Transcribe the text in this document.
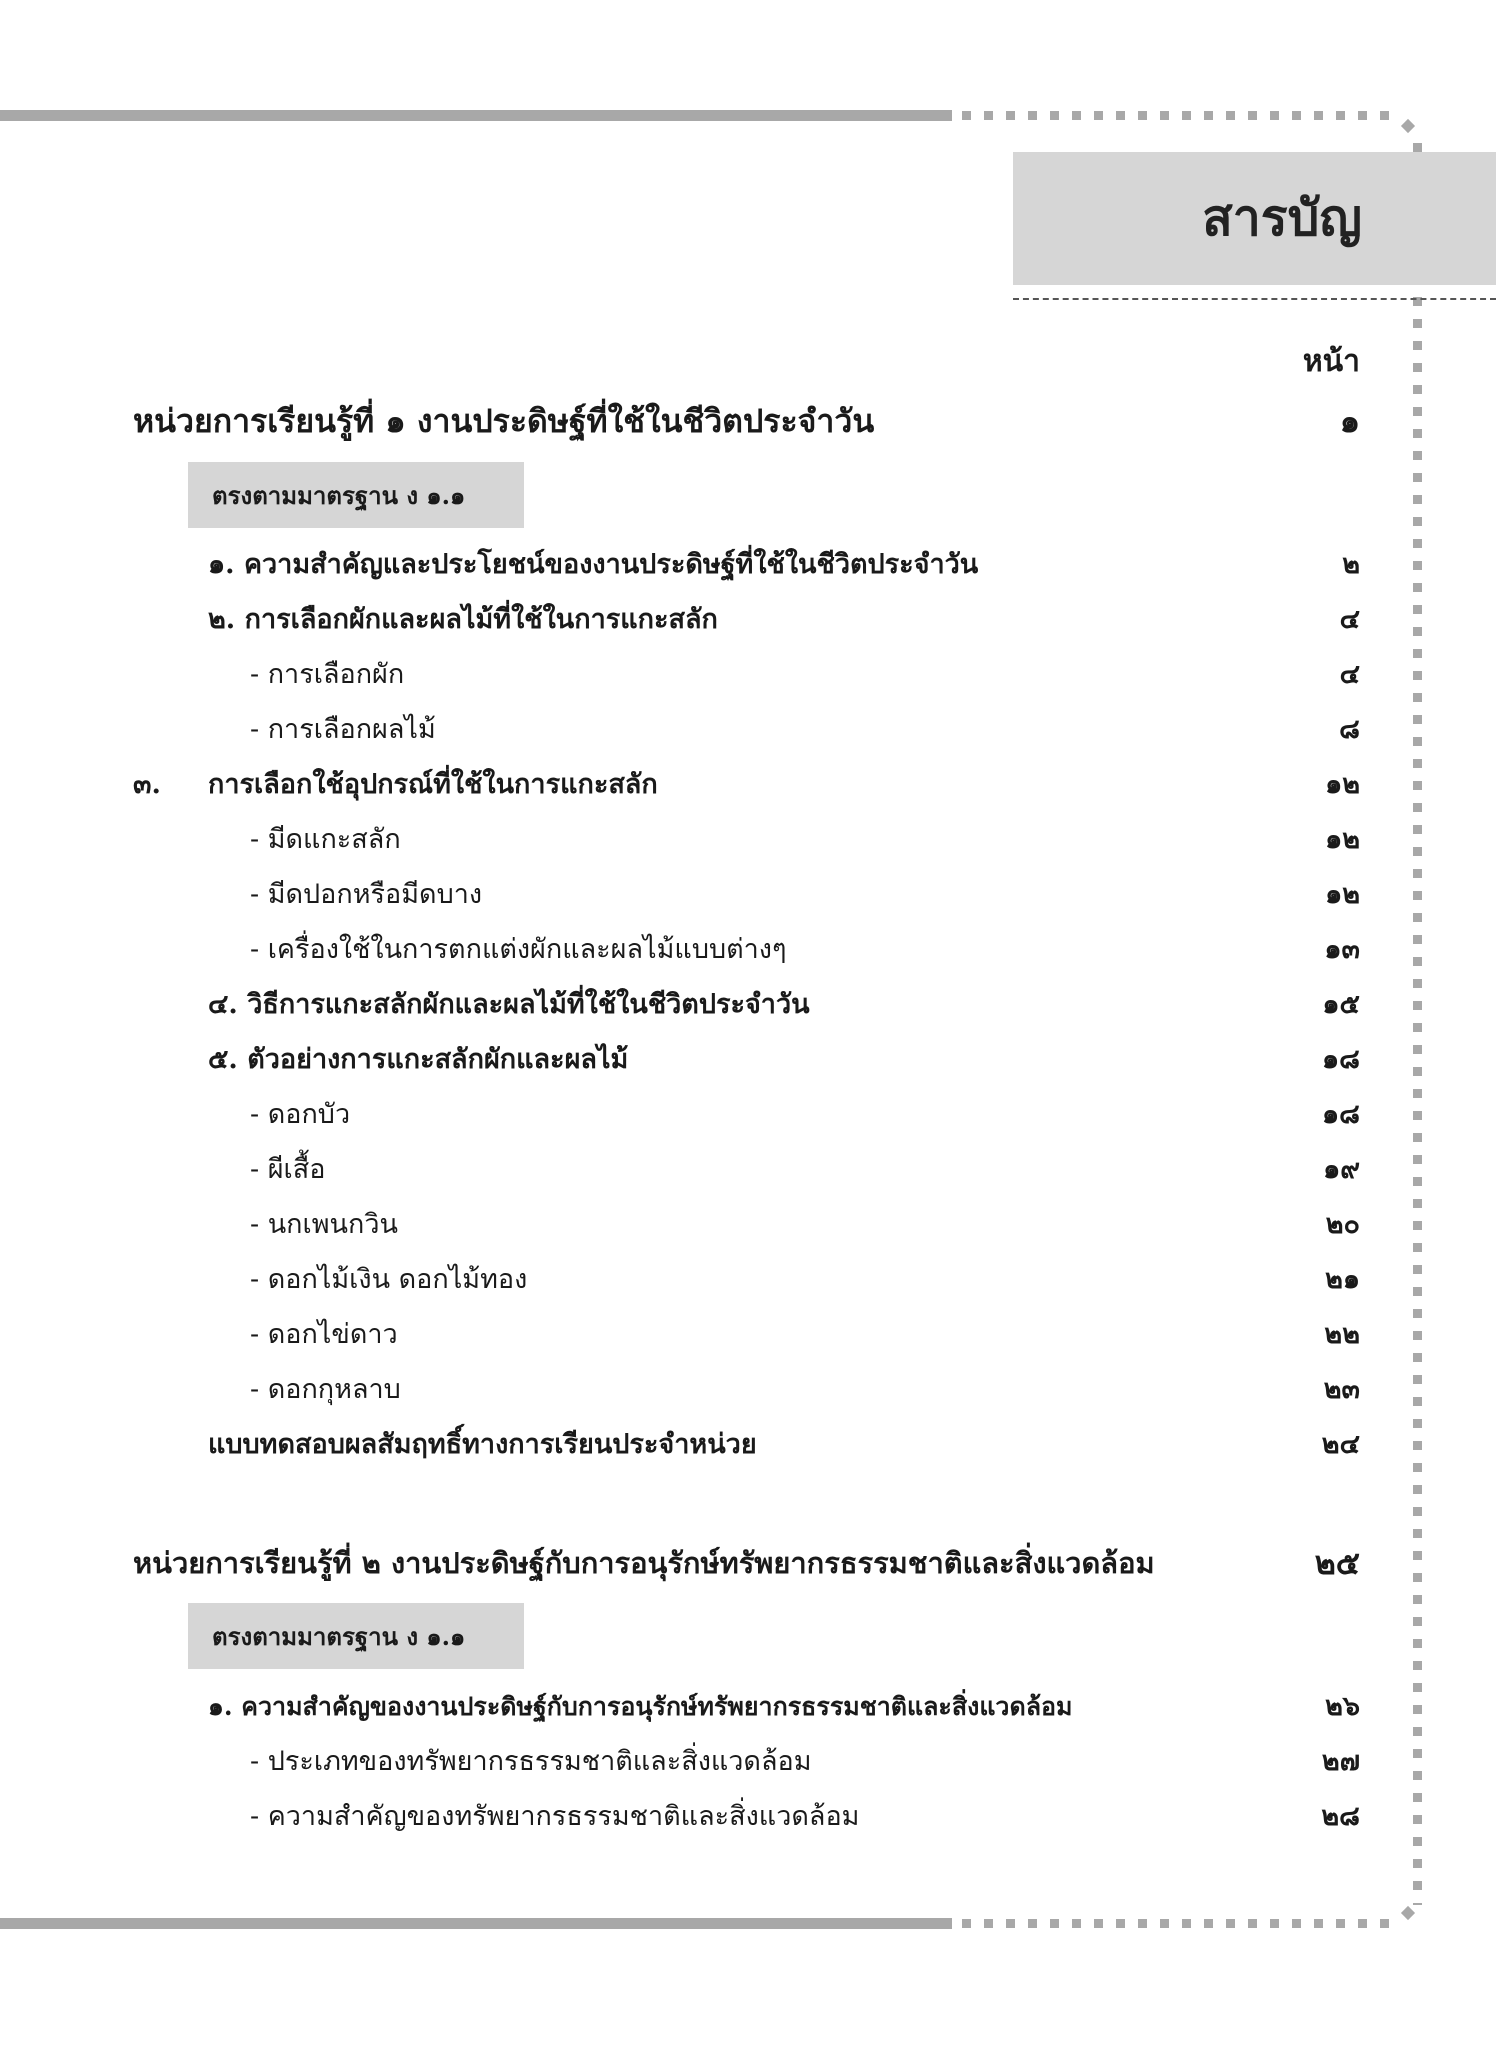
สารบัญ
หน้า
หน่วยการเรียนรู้ที่ ๑ งานประดิษฐ์ที่ใช้ในชีวิตประจำวัน	๑
ตรงตามมาตรฐาน ง ๑.๑
๑. ความสำคัญและประโยชน์ของงานประดิษฐ์ที่ใช้ในชีวิตประจำวัน	๒
๒. การเลือกผักและผลไม้ที่ใช้ในการแกะสลัก	๔
- การเลือกผัก	๔
- การเลือกผลไม้	๘
๓. การเลือกใช้อุปกรณ์ที่ใช้ในการแกะสลัก	๑๒
- มีดแกะสลัก	๑๒
- มีดปอกหรือมีดบาง	๑๒
- เครื่องใช้ในการตกแต่งผักและผลไม้แบบต่างๆ	๑๓
๔. วิธีการแกะสลักผักและผลไม้ที่ใช้ในชีวิตประจำวัน	๑๕
๕. ตัวอย่างการแกะสลักผักและผลไม้	๑๘
- ดอกบัว	๑๘
- ผีเสื้อ	๑๙
- นกเพนกวิน	๒๐
- ดอกไม้เงิน ดอกไม้ทอง	๒๑
- ดอกไข่ดาว	๒๒
- ดอกกุหลาบ	๒๓
แบบทดสอบผลสัมฤทธิ์ทางการเรียนประจำหน่วย	๒๔
หน่วยการเรียนรู้ที่ ๒ งานประดิษฐ์กับการอนุรักษ์ทรัพยากรธรรมชาติและสิ่งแวดล้อม	๒๕
ตรงตามมาตรฐาน ง ๑.๑
๑. ความสำคัญของงานประดิษฐ์กับการอนุรักษ์ทรัพยากรธรรมชาติและสิ่งแวดล้อม	๒๖
- ประเภทของทรัพยากรธรรมชาติและสิ่งแวดล้อม	๒๗
- ความสำคัญของทรัพยากรธรรมชาติและสิ่งแวดล้อม	๒๘
